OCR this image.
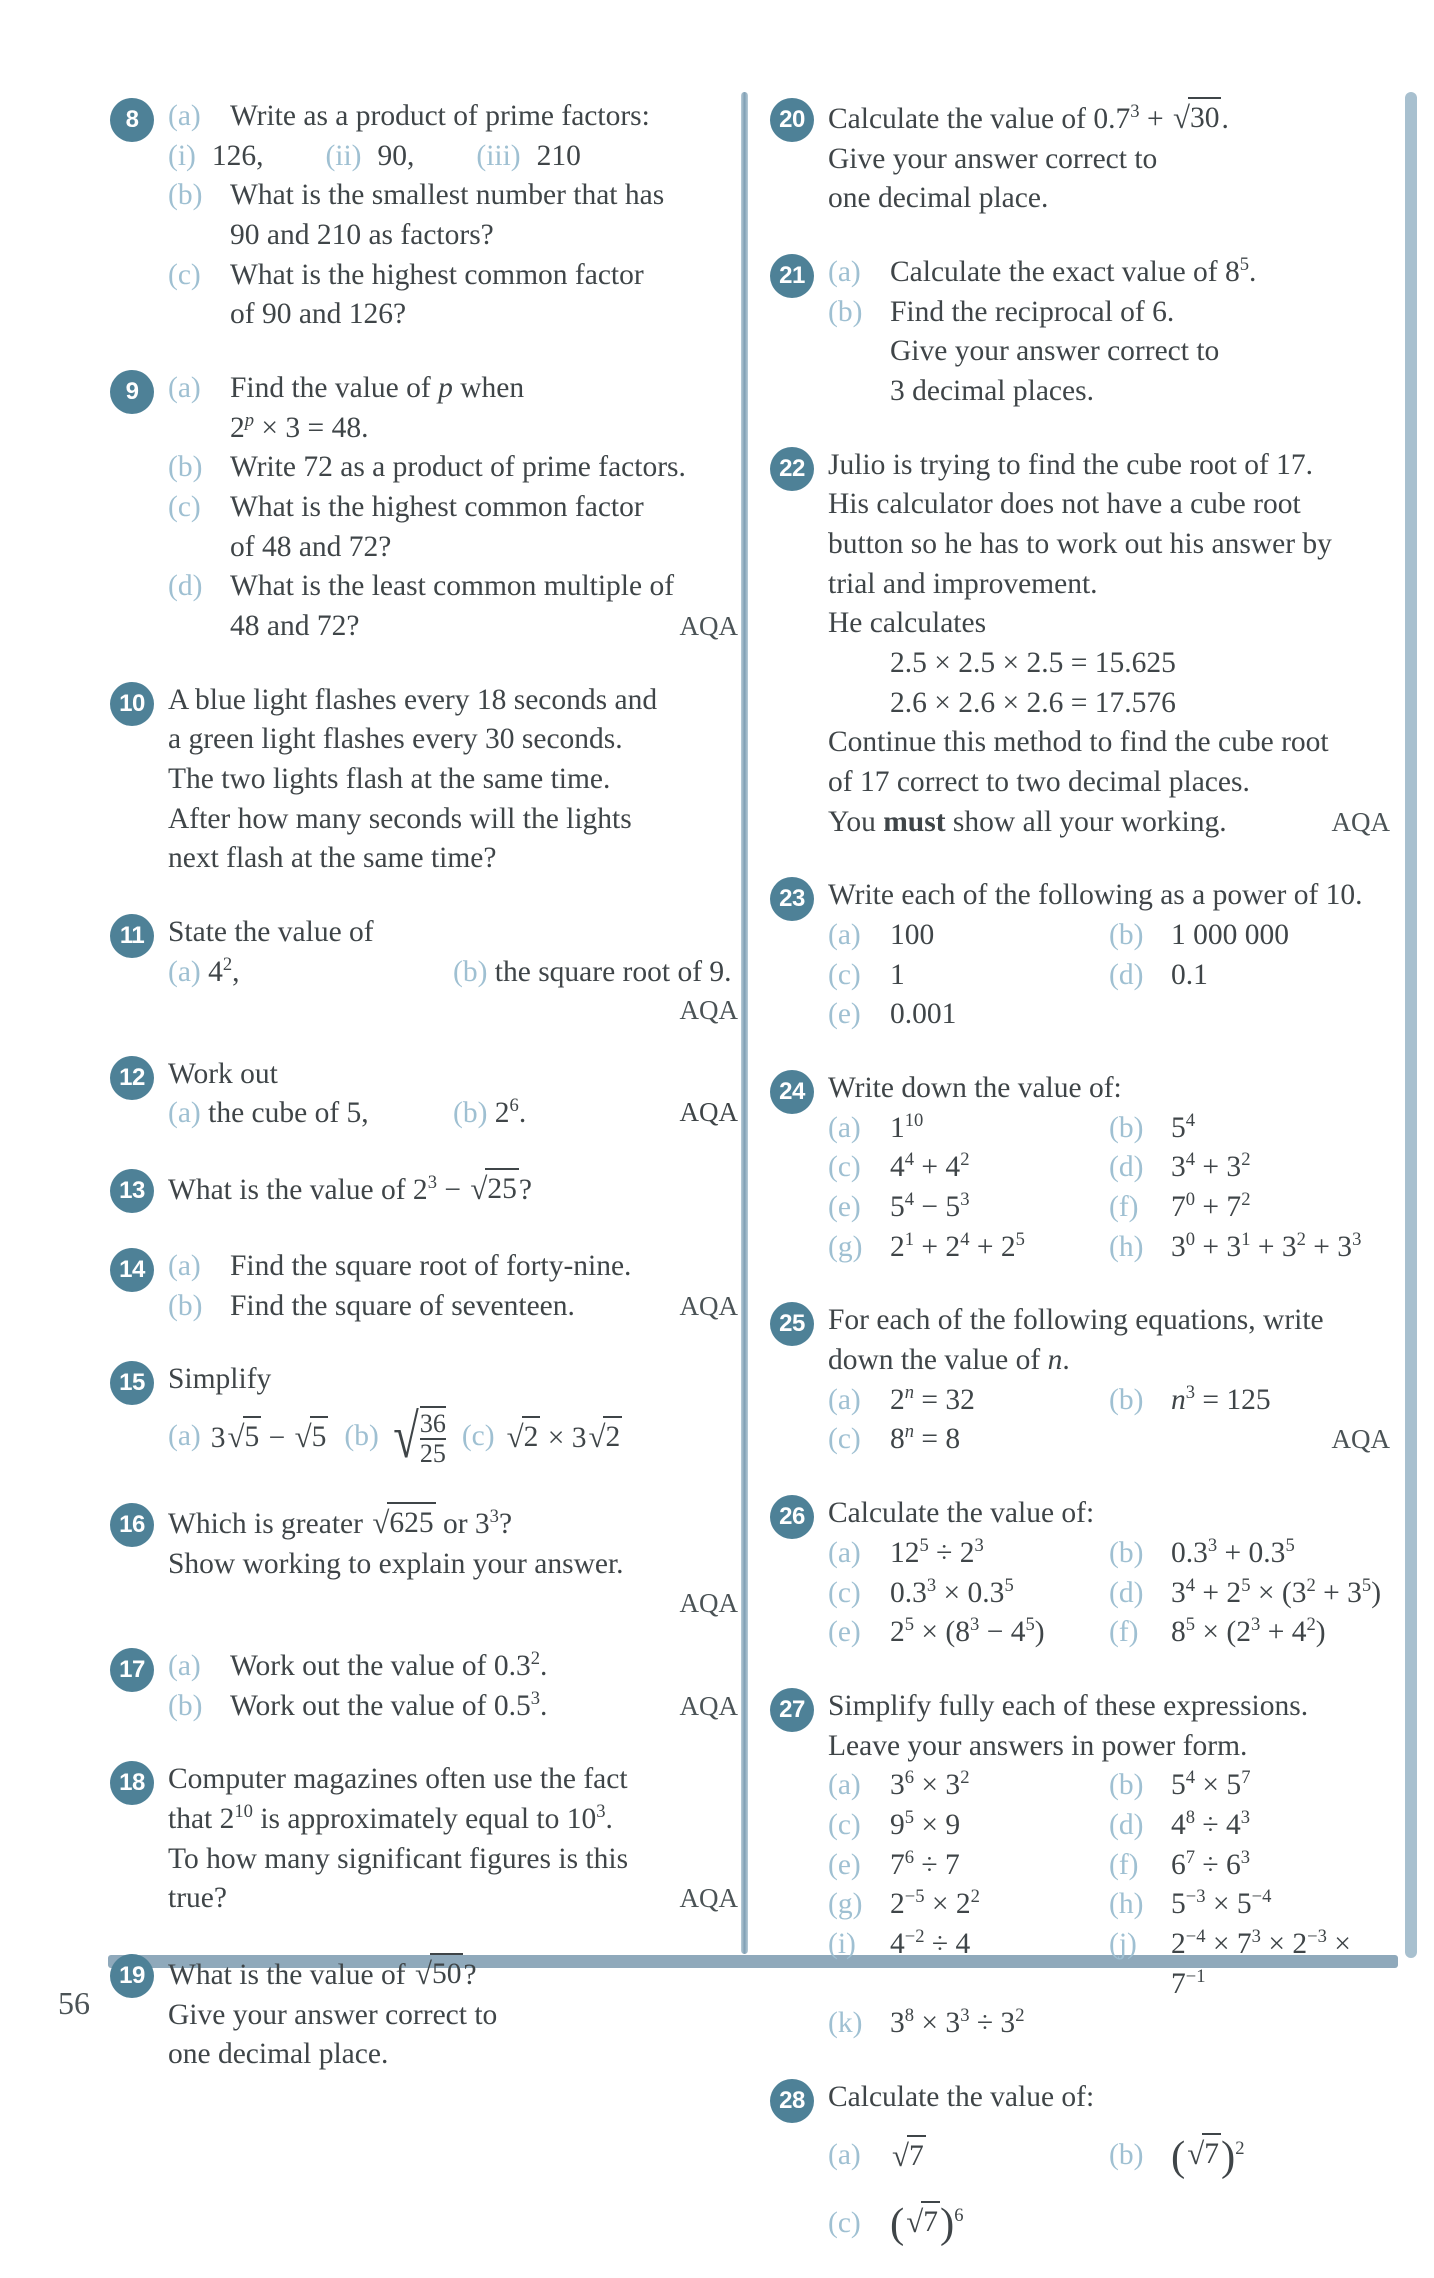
56
8	(a) Write as a product of prime factors:
(i) 126, (ii) 90, (iii) 210
(b) What is the smallest number that has
90 and 210 as factors?
(c) What is the highest common factor
of 90 and 126?
9	(a) Find the value of p when
$2^p \times 3 = 48$.
(b) Write 72 as a product of prime factors.
(c) What is the highest common factor
of 48 and 72?
(d) What is the least common multiple of
48 and 72?	AQA
10 A blue light flashes every 18 seconds and
a green light flashes every 30 seconds.
The two lights flash at the same time.
After how many seconds will the lights
next flash at the same time?
11 State the value of
(a) $4^2$,	(b) the square root of 9.
AQA
12 Work out
(a) the cube of 5,	(b) $2^6$.	AQA
13 What is the value of $2^3 - √25$?
14 (a) Find the square root of forty-nine.
(b) Find the square of seventeen.	AQA
15 Simplify
(a) 3√5 − √5 (b) √ $\frac{36}{25} (c) √2 \times 3√2$
16 Which is greater √625 or $3^3$?
Show working to explain your answer.
AQA
17 (a) Work out the value of $0.3^2$.
(b) Work out the value of $0.5^3$.	AQA
18 Computer magazines often use the fact
that $2^{10}$ is approximately equal to $10^3$.
To how many significant figures is this
true?	AQA
19 What is the value of √50?
Give your answer correct to
one decimal place.
20 Calculate the value of $0.7^3 + √30$.
Give your answer correct to
one decimal place.
21 (a) Calculate the exact value of $8^5$.
(b) Find the reciprocal of 6.
Give your answer correct to
3 decimal places.
22 Julio is trying to find the cube root of 17.
His calculator does not have a cube root
button so he has to work out his answer by
trial and improvement.
He calculates
2.5 × 2.5 × 2.5 = 15.625
2.6 × 2.6 × 2.6 = 17.576
Continue this method to find the cube root
of 17 correct to two decimal places.
You must show all your working.	AQA
23 Write each of the following as a power of 10.
(a) 100	(b) 1 000 000
(c) 1	(d) 0.1
(e) 0.001
24 Write down the value of:
(a) $1^{10}$	(b) $5^4$
(c) $4^4 + 4^2$	(d) $3^4 + 3^2$
(e) $5^4 - 5^3$	(f)	$7^0 + 7^2$
(g) $2^1 + 2^4 + 2^5$	(h) $3^0 + 3^1 + 3^2 + 3^3$
25 For each of the following equations, write
down the value of n.
(a) $2^n = 32$	(b) $n^3 = 125$
(c) $8^n = 8$	AQA
26 Calculate the value of:
(a) $12^5 \div 2^3$	(b) $0.3^3 + 0.3^5$
(c) $0.3^3 \times 0.3^5$	(d) $3^4 + 2^5 \times (3^2 + 3^5)$
(e) $2^5 \times (8^3 - 4^5)$ (f)	$8^5 \times (2^3 + 4^2)$
27 Simplify fully each of these expressions.
Leave your answers in power form.
(a) $3^6 \times 3^2$	(b) $5^4 \times 5^7$
(c) $9^5 \times 9$	(d) $4^8 \div 4^3$
(e) $7^6 \div 7$	(f)	$6^7 \div 6^3$
(g) $2^{-5} \times 2^2$	(h) $5^{-3} \times 5^{-4}$
(i)	$4^{-2} \div 4$	(j)	$2^{-4} \times 7^3 \times 2^{-3} \times 7^{-1}$
(k) $3^8 \times 3^3 \div 3^2$
28 Calculate the value of:
(a)	√7	(b) $(√7)^2$
(c) $(√7)^6$
